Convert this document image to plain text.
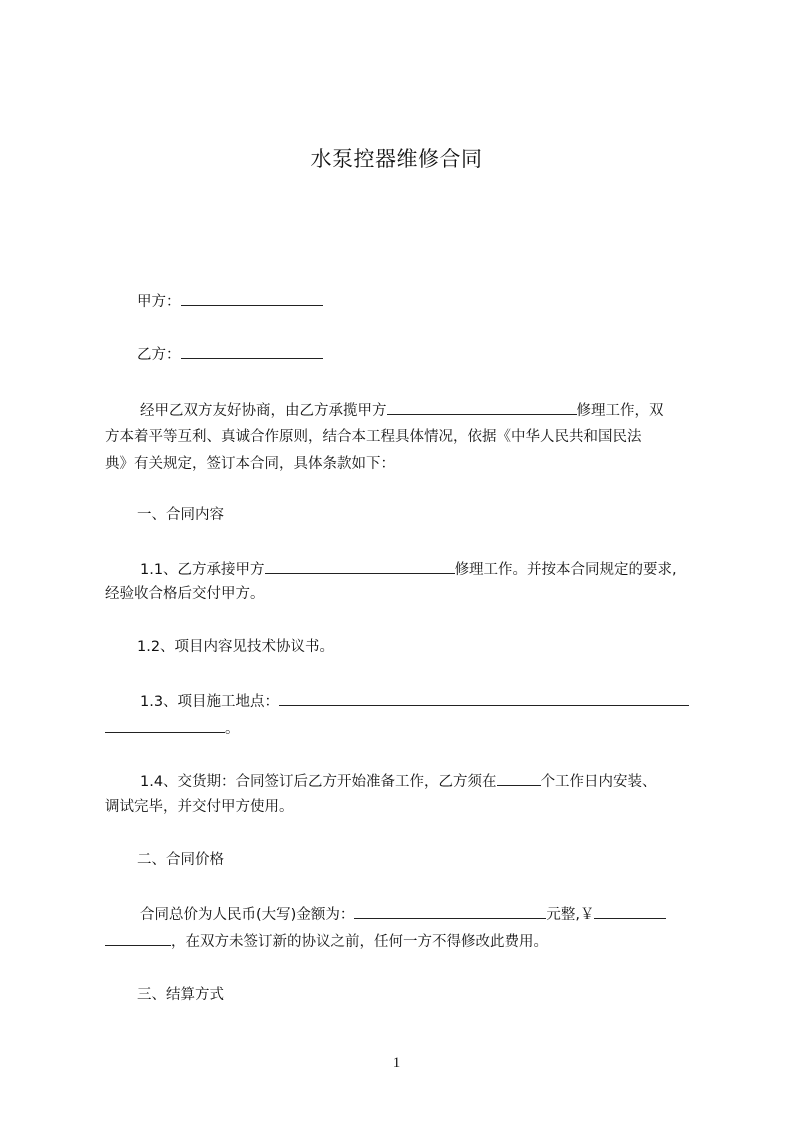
水泵控器维修合同
甲方：
乙方：
经甲乙双方友好协商，由乙方承揽甲方	修理工作，双
方本着平等互利、真诚合作原则，结合本工程具体情况，依据《中华人民共和国民法
典》有关规定，签订本合同，具体条款如下：
一、合同内容
1.1、乙方承接甲方	修理工作。并按本合同规定的要求,
经验收合格后交付甲方。
1.2、项目内容见技术协议书。
1.3、项目施工地点：
。
1.4、交货期：合同签订后乙方开始准备工作，乙方须在	个工作日内安装、
调试完毕，并交付甲方使用。
二、合同价格
合同总价为人民币(大写)金额为：	元整,￥
，在双方未签订新的协议之前，任何一方不得修改此费用。
三、结算方式
1
